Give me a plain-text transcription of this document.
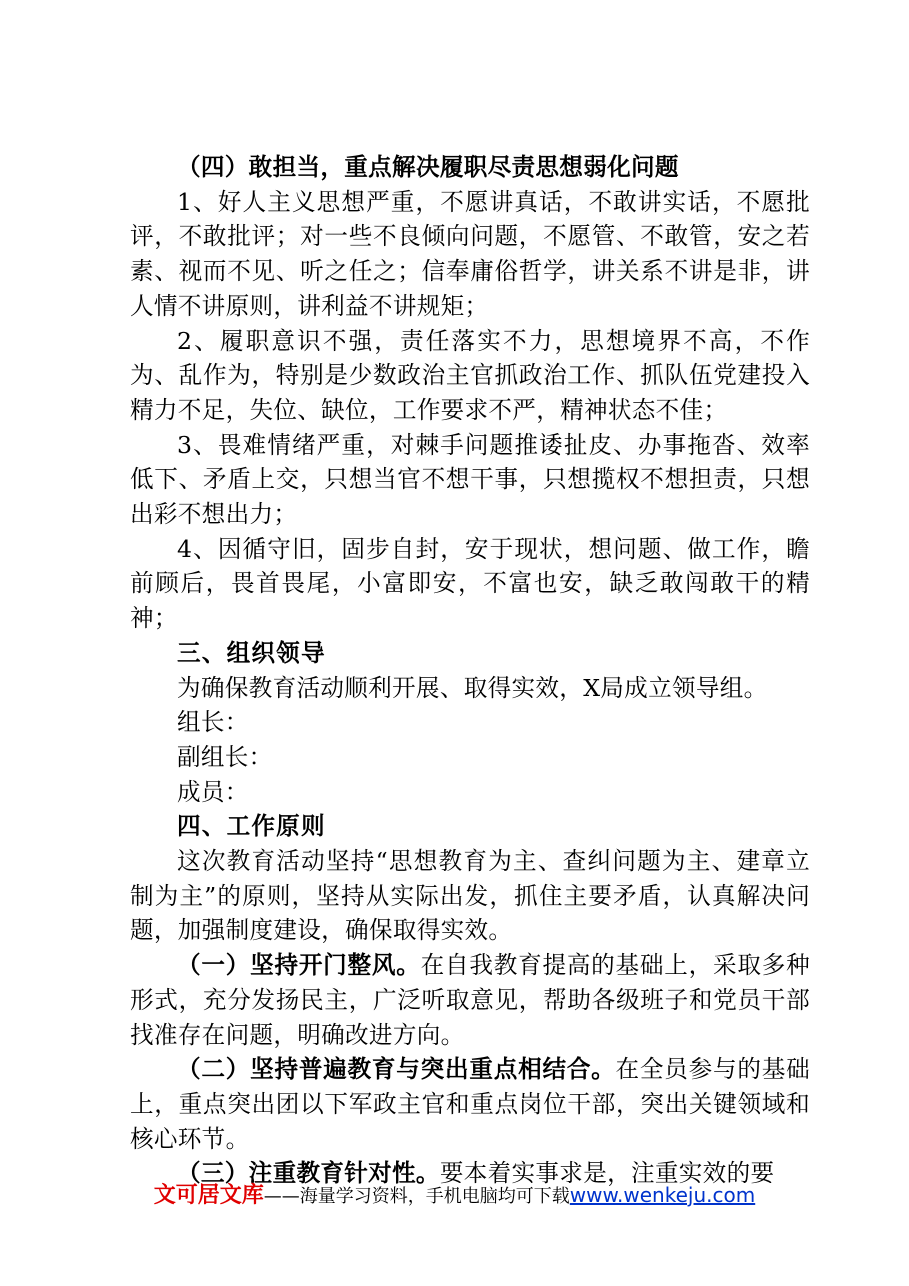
（四）敢担当，重点解决履职尽责思想弱化问题

1、好人主义思想严重，不愿讲真话，不敢讲实话，不愿批评，不敢批评；对一些不良倾向问题，不愿管、不敢管，安之若素、视而不见、听之任之；信奉庸俗哲学，讲关系不讲是非，讲人情不讲原则，讲利益不讲规矩；

2、履职意识不强，责任落实不力，思想境界不高，不作为、乱作为，特别是少数政治主官抓政治工作、抓队伍党建投入精力不足，失位、缺位，工作要求不严，精神状态不佳；

3、畏难情绪严重，对棘手问题推诿扯皮、办事拖沓、效率低下、矛盾上交，只想当官不想干事，只想揽权不想担责，只想出彩不想出力；

4、因循守旧，固步自封，安于现状，想问题、做工作，瞻前顾后，畏首畏尾，小富即安，不富也安，缺乏敢闯敢干的精神；

三、组织领导

为确保教育活动顺利开展、取得实效，X局成立领导组。

组长：

副组长：

成员：

四、工作原则

这次教育活动坚持“思想教育为主、查纠问题为主、建章立制为主”的原则，坚持从实际出发，抓住主要矛盾，认真解决问题，加强制度建设，确保取得实效。

（一）坚持开门整风。在自我教育提高的基础上，采取多种形式，充分发扬民主，广泛听取意见，帮助各级班子和党员干部找准存在问题，明确改进方向。

（二）坚持普遍教育与突出重点相结合。在全员参与的基础上，重点突出团以下军政主官和重点岗位干部，突出关键领域和核心环节。

（三）注重教育针对性。要本着实事求是，注重实效的要

文可居文库——海量学习资料，手机电脑均可下载www.wenkeju.com
